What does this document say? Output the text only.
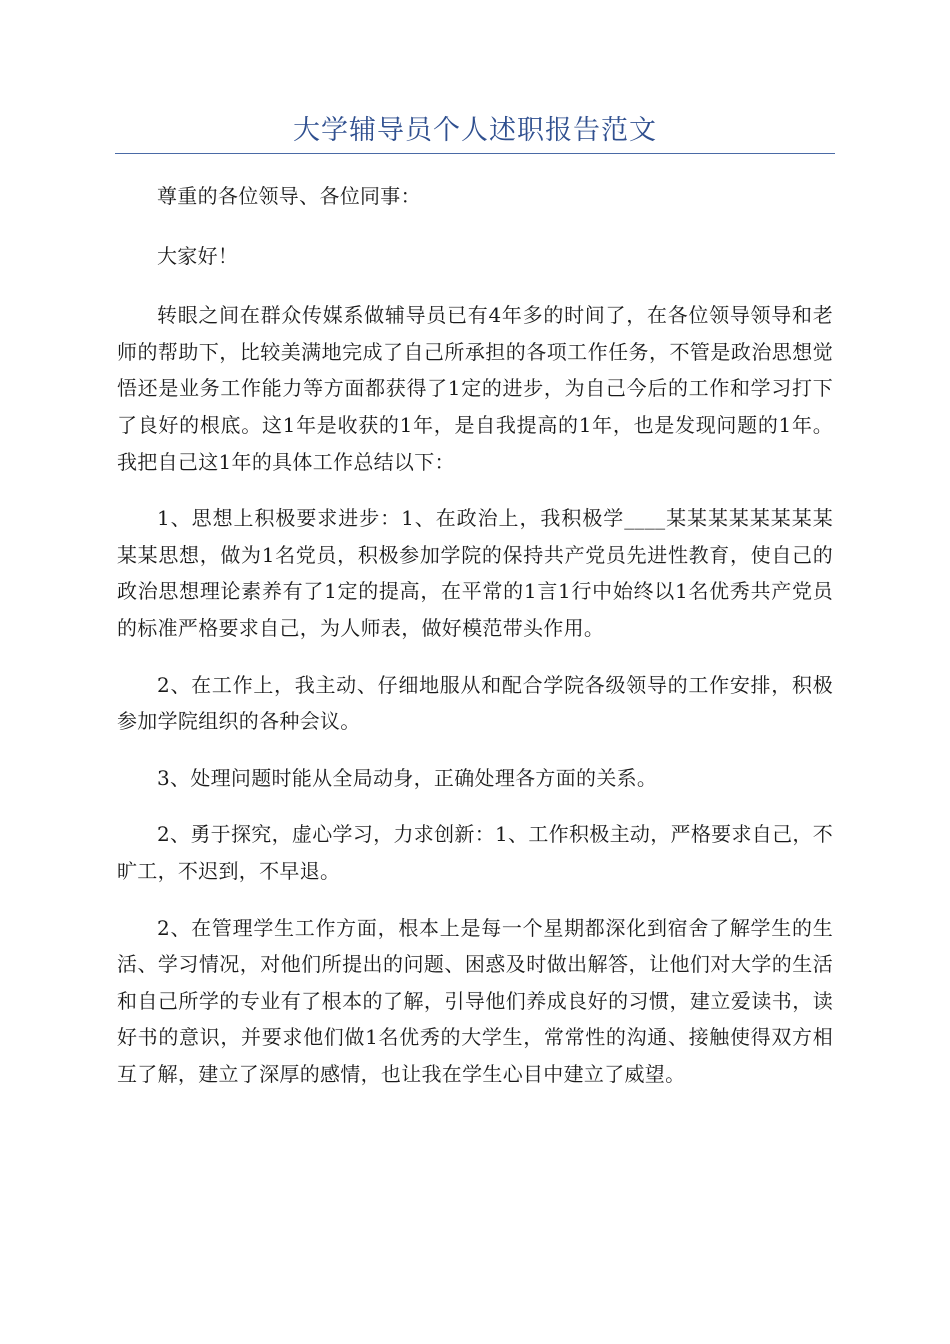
大学辅导员个人述职报告范文

尊重的各位领导、各位同事：

大家好！

转眼之间在群众传媒系做辅导员已有4年多的时间了，在各位领导领导和老师的帮助下，比较美满地完成了自己所承担的各项工作任务，不管是政治思想觉悟还是业务工作能力等方面都获得了1定的进步，为自己今后的工作和学习打下了良好的根底。这1年是收获的1年，是自我提高的1年，也是发现问题的1年。我把自己这1年的具体工作总结以下：

1、思想上积极要求进步：1、在政治上，我积极学____某某某某某某某某某某思想，做为1名党员，积极参加学院的保持共产党员先进性教育，使自己的政治思想理论素养有了1定的提高，在平常的1言1行中始终以1名优秀共产党员的标准严格要求自己，为人师表，做好模范带头作用。

2、在工作上，我主动、仔细地服从和配合学院各级领导的工作安排，积极参加学院组织的各种会议。

3、处理问题时能从全局动身，正确处理各方面的关系。

2、勇于探究，虚心学习，力求创新：1、工作积极主动，严格要求自己，不旷工，不迟到，不早退。

2、在管理学生工作方面，根本上是每一个星期都深化到宿舍了解学生的生活、学习情况，对他们所提出的问题、困惑及时做出解答，让他们对大学的生活和自己所学的专业有了根本的了解，引导他们养成良好的习惯，建立爱读书，读好书的意识，并要求他们做1名优秀的大学生，常常性的沟通、接触使得双方相互了解，建立了深厚的感情，也让我在学生心目中建立了威望。
